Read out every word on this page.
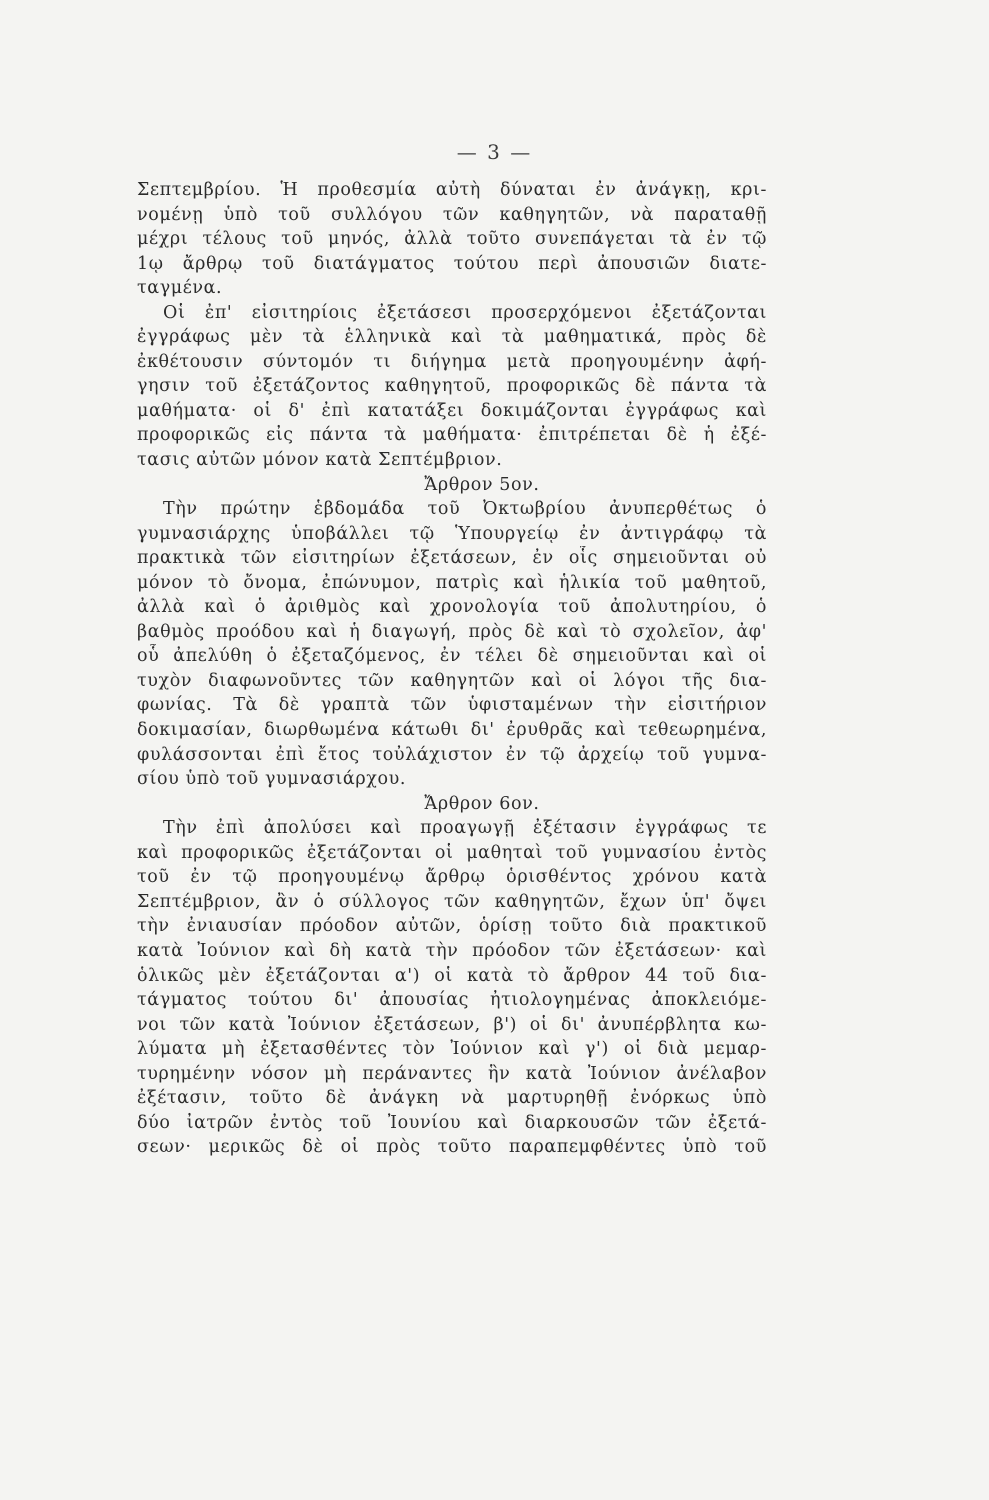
— 3 —
Σεπτεμβρίου. Ἡ προθεσμία αὐτὴ δύναται ἐν ἀνάγκῃ, κρι-
νομένῃ ὑπὸ τοῦ συλλόγου τῶν καθηγητῶν, νὰ παραταθῇ
μέχρι τέλους τοῦ μηνός, ἀλλὰ τοῦτο συνεπάγεται τὰ ἐν τῷ
1ῳ ἄρθρῳ τοῦ διατάγματος τούτου περὶ ἀπουσιῶν διατε-
ταγμένα.
Οἱ ἐπ' εἰσιτηρίοις ἐξετάσεσι προσερχόμενοι ἐξετάζονται
ἐγγράφως μὲν τὰ ἑλληνικὰ καὶ τὰ μαθηματικά, πρὸς δὲ
ἐκθέτουσιν σύντομόν τι διήγημα μετὰ προηγουμένην ἀφή-
γησιν τοῦ ἐξετάζοντος καθηγητοῦ, προφορικῶς δὲ πάντα τὰ
μαθήματα· οἱ δ' ἐπὶ κατατάξει δοκιμάζονται ἐγγράφως καὶ
προφορικῶς εἰς πάντα τὰ μαθήματα· ἐπιτρέπεται δὲ ἡ ἐξέ-
τασις αὐτῶν μόνον κατὰ Σεπτέμβριον.
Ἄρθρον 5ον.
Τὴν πρώτην ἑβδομάδα τοῦ Ὀκτωβρίου ἀνυπερθέτως ὁ
γυμνασιάρχης ὑποβάλλει τῷ Ὑπουργείῳ ἐν ἀντιγράφῳ τὰ
πρακτικὰ τῶν εἰσιτηρίων ἐξετάσεων, ἐν οἷς σημειοῦνται οὐ
μόνον τὸ ὄνομα, ἐπώνυμον, πατρὶς καὶ ἡλικία τοῦ μαθητοῦ,
ἀλλὰ καὶ ὁ ἀριθμὸς καὶ χρονολογία τοῦ ἀπολυτηρίου, ὁ
βαθμὸς προόδου καὶ ἡ διαγωγή, πρὸς δὲ καὶ τὸ σχολεῖον, ἀφ'
οὗ ἀπελύθη ὁ ἐξεταζόμενος, ἐν τέλει δὲ σημειοῦνται καὶ οἱ
τυχὸν διαφωνοῦντες τῶν καθηγητῶν καὶ οἱ λόγοι τῆς δια-
φωνίας. Τὰ δὲ γραπτὰ τῶν ὑφισταμένων τὴν εἰσιτήριον
δοκιμασίαν, διωρθωμένα κάτωθι δι' ἐρυθρᾶς καὶ τεθεωρημένα,
φυλάσσονται ἐπὶ ἔτος τοὐλάχιστον ἐν τῷ ἀρχείῳ τοῦ γυμνα-
σίου ὑπὸ τοῦ γυμνασιάρχου.
Ἄρθρον 6ον.
Τὴν ἐπὶ ἀπολύσει καὶ προαγωγῇ ἐξέτασιν ἐγγράφως τε
καὶ προφορικῶς ἐξετάζονται οἱ μαθηταὶ τοῦ γυμνασίου ἐντὸς
τοῦ ἐν τῷ προηγουμένῳ ἄρθρῳ ὁρισθέντος χρόνου κατὰ
Σεπτέμβριον, ἂν ὁ σύλλογος τῶν καθηγητῶν, ἔχων ὑπ' ὄψει
τὴν ἐνιαυσίαν πρόοδον αὐτῶν, ὁρίσῃ τοῦτο διὰ πρακτικοῦ
κατὰ Ἰούνιον καὶ δὴ κατὰ τὴν πρόοδον τῶν ἐξετάσεων· καὶ
ὁλικῶς μὲν ἐξετάζονται α') οἱ κατὰ τὸ ἄρθρον 44 τοῦ δια-
τάγματος τούτου δι' ἀπουσίας ἠτιολογημένας ἀποκλειόμε-
νοι τῶν κατὰ Ἰούνιον ἐξετάσεων, β') οἱ δι' ἀνυπέρβλητα κω-
λύματα μὴ ἐξετασθέντες τὸν Ἰούνιον καὶ γ') οἱ διὰ μεμαρ-
τυρημένην νόσον μὴ περάναντες ἣν κατὰ Ἰούνιον ἀνέλαβον
ἐξέτασιν, τοῦτο δὲ ἀνάγκη νὰ μαρτυρηθῇ ἐνόρκως ὑπὸ
δύο ἰατρῶν ἐντὸς τοῦ Ἰουνίου καὶ διαρκουσῶν τῶν ἐξετά-
σεων· μερικῶς δὲ οἱ πρὸς τοῦτο παραπεμφθέντες ὑπὸ τοῦ
